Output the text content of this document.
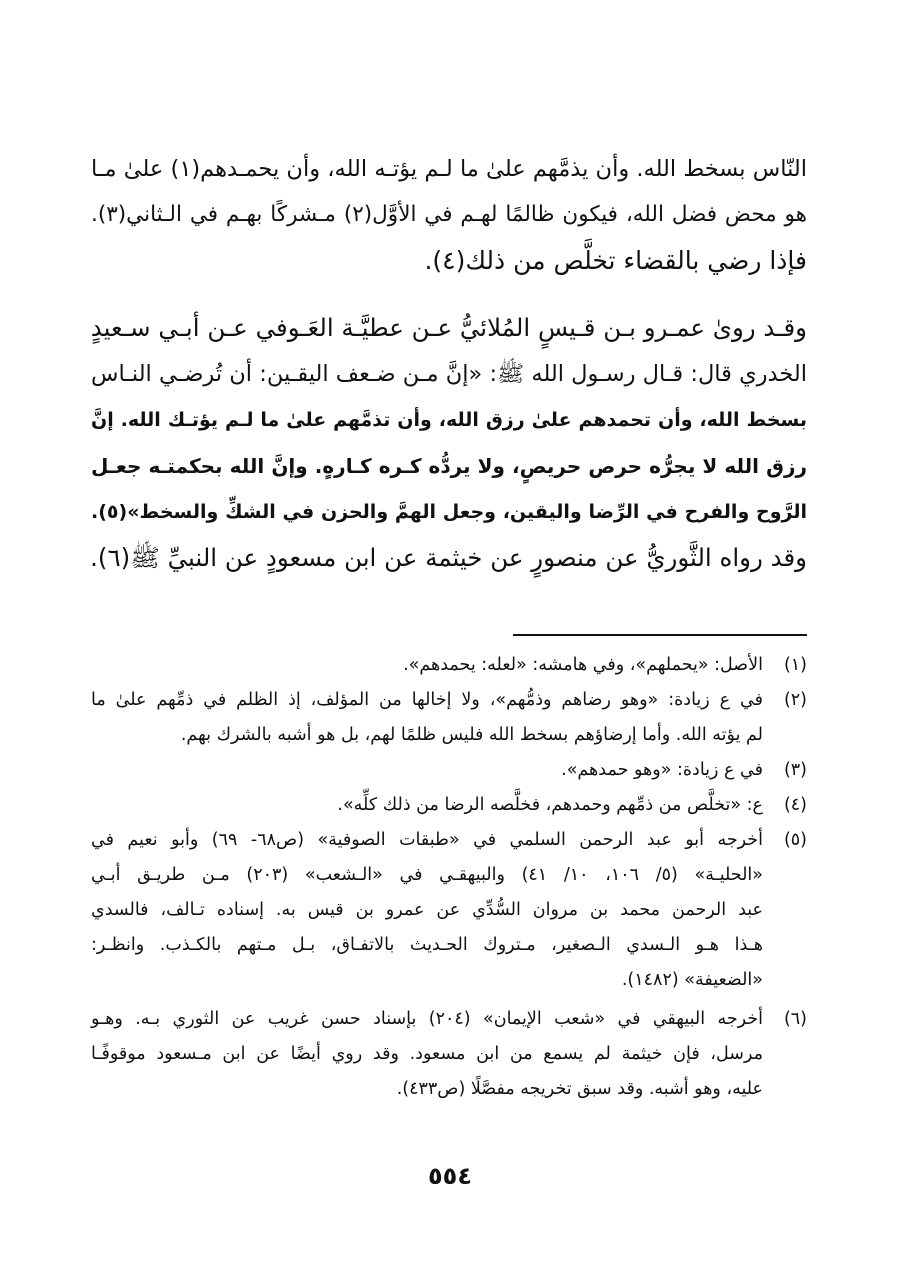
النّاس بسخط الله. وأن يذمَّهم علىٰ ما لـم يؤتـه الله، وأن يحمـدهم(١) علىٰ مـا
هو محض فضل الله، فيكون ظالمًا لهـم في الأوَّل(٢) مـشركًا بهـم في الـثاني(٣).
فإذا رضي بالقضاء تخلَّص من ذلك(٤).
وقـد روىٰ عمـرو بـن قـيسٍ المُلائيُّ عـن عطيَّـة العَـوفي عـن أبـي سـعيدٍ
الخدري قال: قـال رسـول الله ﷺ: «إنَّ مـن ضـعف اليقـين: أن تُرضـي النـاس
بسخط الله، وأن تحمدهم علىٰ رزق الله، وأن تذمَّهم علىٰ ما لـم يؤتـك الله. إنَّ
رزق الله لا يجرُّه حرص حريصٍ، ولا يردُّه كـره كـارهٍ. وإنَّ الله بحكمتـه جعـل
الرَّوح والفرح في الرِّضا واليقين، وجعل الهمَّ والحزن في الشكِّ والسخط»(٥).
وقد رواه الثَّوريُّ عن منصورٍ عن خيثمة عن ابن مسعودٍ عن النبيِّ ﷺ(٦).
(١)
الأصل: «يحملهم»، وفي هامشه: «لعله: يحمدهم».
(٢)
في ع زيادة: «وهو رضاهم وذمُّهم»، ولا إخالها من المؤلف، إذ الظلم في ذمِّهم علىٰ ما
لم يؤته الله. وأما إرضاؤهم بسخط الله فليس ظلمًا لهم، بل هو أشبه بالشرك بهم.
(٣)
في ع زيادة: «وهو حمدهم».
(٤)
ع: «تخلَّص من ذمِّهم وحمدهم، فخلَّصه الرضا من ذلك كلِّه».
(٥)
أخرجه أبو عبد الرحمن السلمي في «طبقات الصوفية» (ص٦٨- ٦٩) وأبو نعيم في
«الحليـة» (٥/ ١٠٦، ١٠/ ٤١) والبيهقـي في «الـشعب» (٢٠٣) مـن طريـق أبـي
عبد الرحمن محمد بن مروان السُّدِّي عن عمرو بن قيس به. إسناده تـالف، فالسدي
هـذا هـو الـسدي الـصغير، مـتروك الحـديث بالاتفـاق، بـل مـتهم بالكـذب. وانظـر:
«الضعيفة» (١٤٨٢).
(٦)
أخرجه البيهقي في «شعب الإيمان» (٢٠٤) بإسناد حسن غريب عن الثوري بـه. وهـو
مرسل، فإن خيثمة لم يسمع من ابن مسعود. وقد روي أيضًا عن ابن مـسعود موقوفًـا
عليه، وهو أشبه. وقد سبق تخريجه مفصَّلًا (ص٤٣٣).
٥٥٤
